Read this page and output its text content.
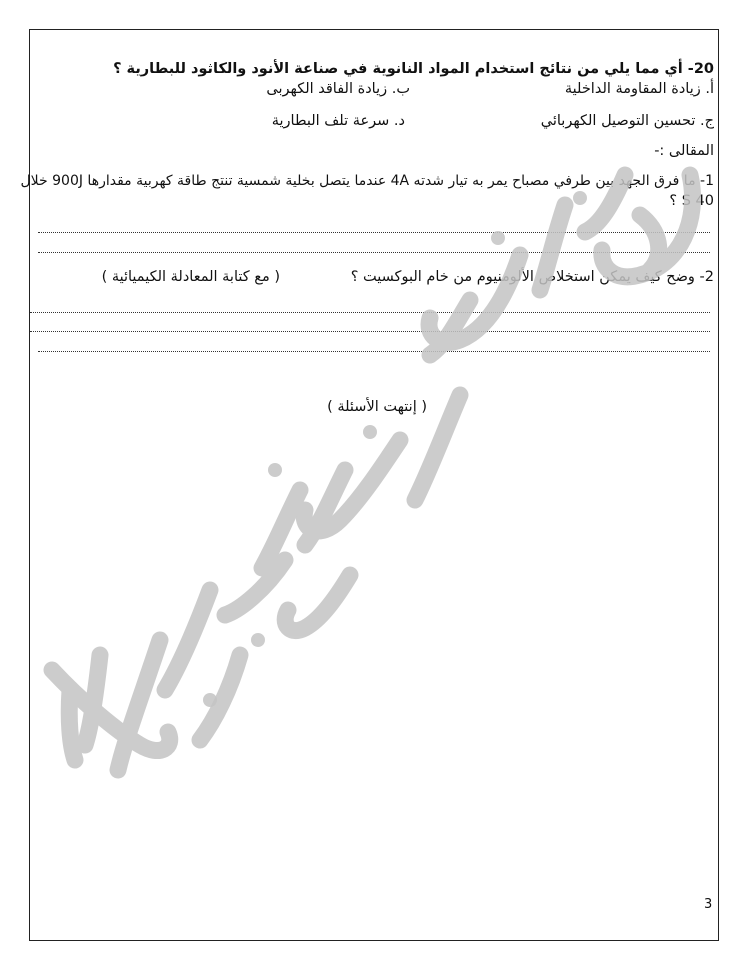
20- أي مما يلي من نتائج استخدام المواد النانوية في صناعة الأنود والكاثود للبطارية ؟
أ. زيادة المقاومة الداخلية
ب. زيادة الفاقد الكهربى
ج. تحسين التوصيل الكهربائي
د. سرعة تلف البطارية
المقالى :-
1- ما فرق الجهد بين طرفي مصباح يمر به تيار شدته 4A عندما يتصل بخلية شمسية تنتج طاقة كهربية مقدارها 900J خلال
40 S ؟
2- وضح كيف يمكن استخلاص الألومنيوم من خام البوكسيت ؟
( مع كتابة المعادلة الكيميائية )
( إنتهت الأسئلة )
3
